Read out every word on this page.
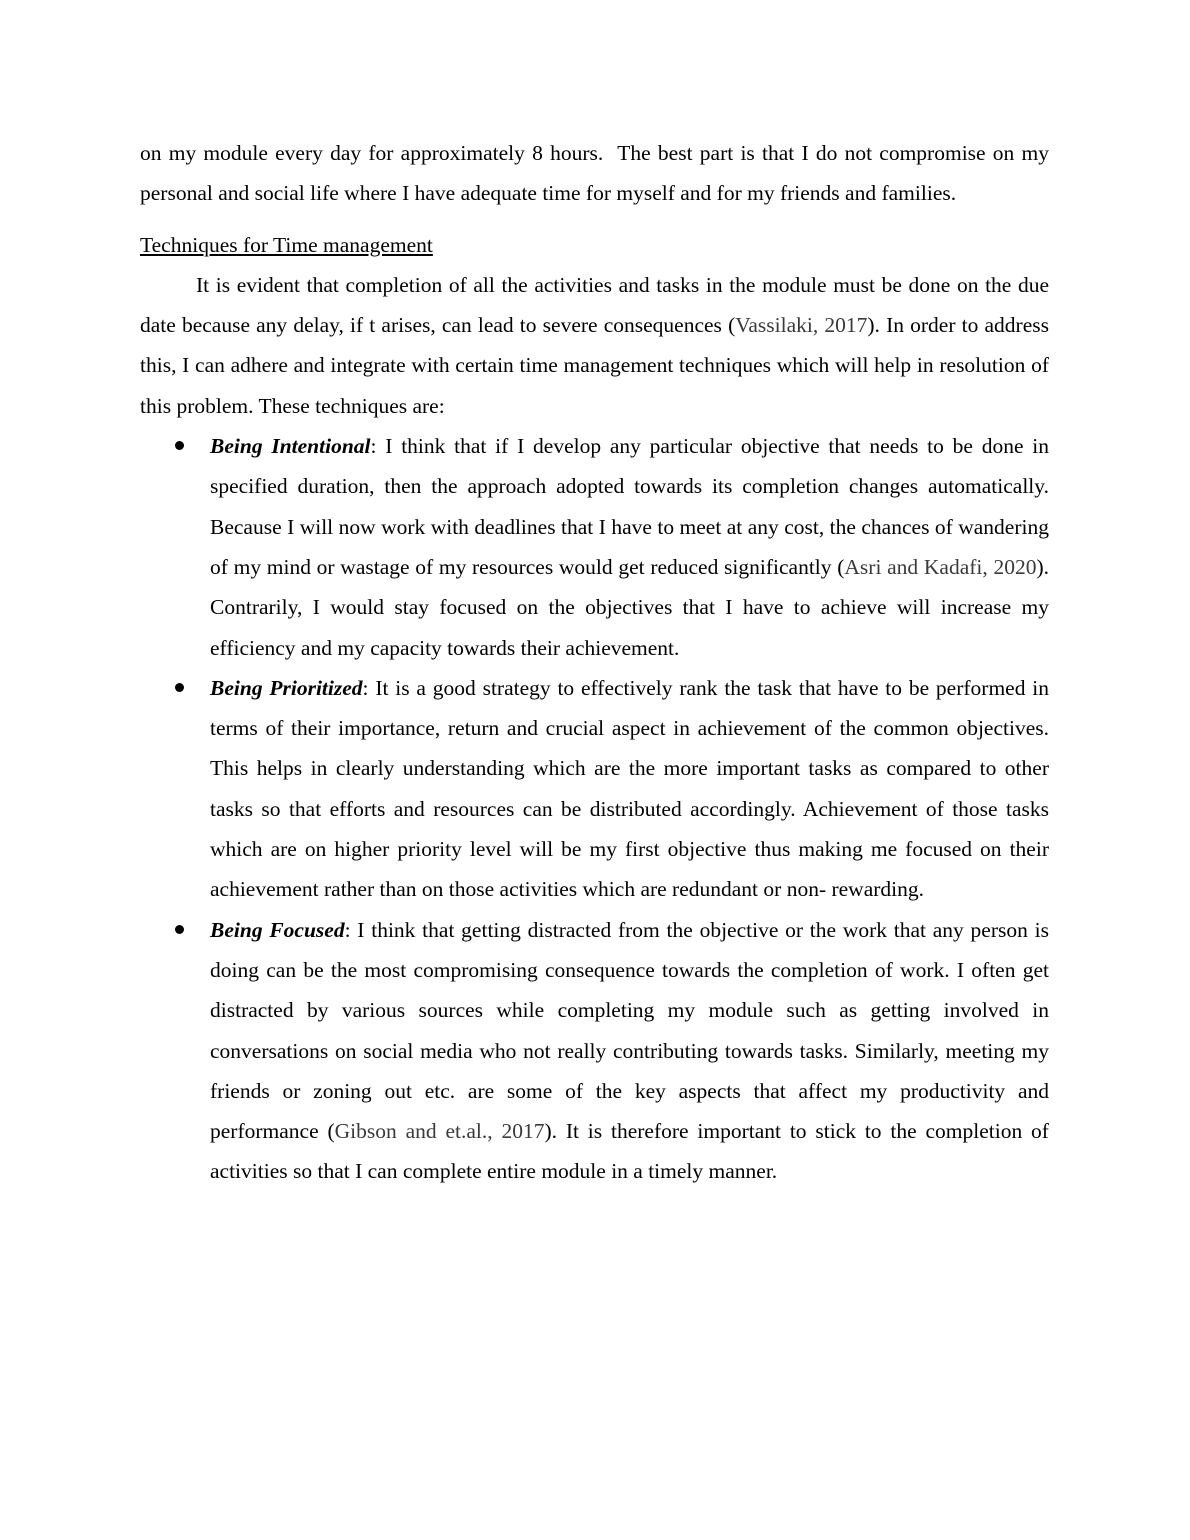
on my module every day for approximately 8 hours.  The best part is that I do not compromise on my personal and social life where I have adequate time for myself and for my friends and families.

Techniques for Time management

It is evident that completion of all the activities and tasks in the module must be done on the due date because any delay, if t arises, can lead to severe consequences (Vassilaki, 2017). In order to address this, I can adhere and integrate with certain time management techniques which will help in resolution of this problem. These techniques are:

Being Intentional: I think that if I develop any particular objective that needs to be done in specified duration, then the approach adopted towards its completion changes automatically. Because I will now work with deadlines that I have to meet at any cost, the chances of wandering of my mind or wastage of my resources would get reduced significantly (Asri and Kadafi, 2020). Contrarily, I would stay focused on the objectives that I have to achieve will increase my efficiency and my capacity towards their achievement.
Being Prioritized: It is a good strategy to effectively rank the task that have to be performed in terms of their importance, return and crucial aspect in achievement of the common objectives. This helps in clearly understanding which are the more important tasks as compared to other tasks so that efforts and resources can be distributed accordingly. Achievement of those tasks which are on higher priority level will be my first objective thus making me focused on their achievement rather than on those activities which are redundant or non- rewarding.
Being Focused: I think that getting distracted from the objective or the work that any person is doing can be the most compromising consequence towards the completion of work. I often get distracted by various sources while completing my module such as getting involved in conversations on social media who not really contributing towards tasks. Similarly, meeting my friends or zoning out etc. are some of the key aspects that affect my productivity and performance (Gibson and et.al., 2017). It is therefore important to stick to the completion of activities so that I can complete entire module in a timely manner.
